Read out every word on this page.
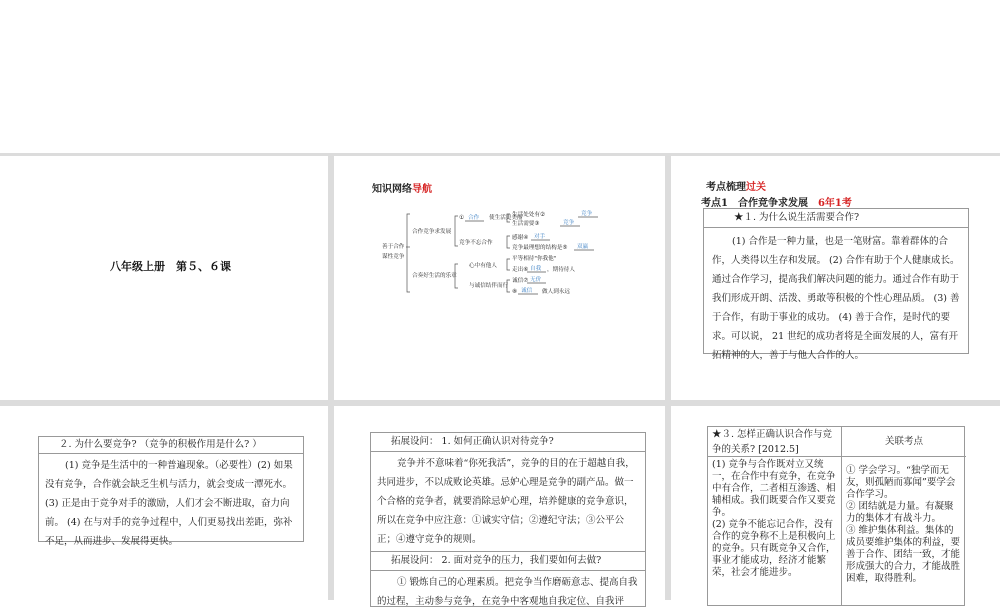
八年级上册　第５、６课
知识网络导航
善于合作
谋性竞争
合作竞争求发展
合奏好生活的乐章
① 合作 使生活更美丽
生活处处有②	竞争
生活需要③	竞争
竞争不忘合作
感谢④ 对手
竞争最理想的结构是⑤ 双赢
心中有他人
平等相待"你我他"
走出⑥ 自我 ，期待待人
与诚信结伴而行
诚信⑦ 无价
⑧ 诚信 做人到永远
考点梳理过关
考点1　合作竞争求发展　6年1考
★１. 为什么说生活需要合作?

(1) 合作是一种力量，也是一笔财富。靠着群体的合作，人类得以生存和发展。 (2) 合作有助于个人健康成长。通过合作学习，提高我们解决问题的能力。通过合作有助于我们形成开朗、活泼、勇敢等积极的个性心理品质。 (3) 善于合作，有助于事业的成功。 (4) 善于合作，是时代的要求。可以说， 21 世纪的成功者将是全面发展的人，富有开拓精神的人，善于与他人合作的人。

２. 为什么要竞争? （竞争的积极作用是什么? ）

(1) 竞争是生活中的一种普遍现象。（必要性）(2) 如果没有竞争，合作就会缺乏生机与活力，就会变成一潭死水。 (3) 正是由于竞争对手的激励，人们才会不断进取，奋力向前。 (4) 在与对手的竞争过程中，人们更易找出差距，弥补不足，从而进步、发展得更快。

拓展设问： 1. 如何正确认识对待竞争?

竞争并不意味着“你死我活”，竞争的目的在于超越自我，共同进步，不以成败论英雄。忌妒心理是竞争的副产品。做一个合格的竞争者，就要消除忌妒心理，培养健康的竞争意识，所以在竞争中应注意：①诚实守信；②遵纪守法；③公平公正；④遵守竞争的规则。

拓展设问： 2. 面对竞争的压力，我们要如何去做?

① 锻炼自己的心理素质。把竞争当作磨砺意志、提高自我的过程，主动参与竞争，在竞争中客观地自我定位、自我评

★３. 怎样正确认识合作与竞争的关系? [2012.5]
(1) 竞争与合作既对立又统一，在合作中有竞争，在竞争中有合作，二者相互渗透、相辅相成。我们既要合作又要竞争。
(2) 竞争不能忘记合作，没有合作的竞争称不上是积极向上的竞争。只有既竞争又合作，事业才能成功，经济才能繁荣，社会才能进步。
关联考点
① 学会学习。“独学而无友，则孤陋而寡闻”要学会合作学习。
② 团结就是力量。有凝聚力的集体才有战斗力。
③ 维护集体利益。集体的成员要维护集体的利益，要善于合作、团结一致，才能形成强大的合力，才能战胜困难，取得胜利。
